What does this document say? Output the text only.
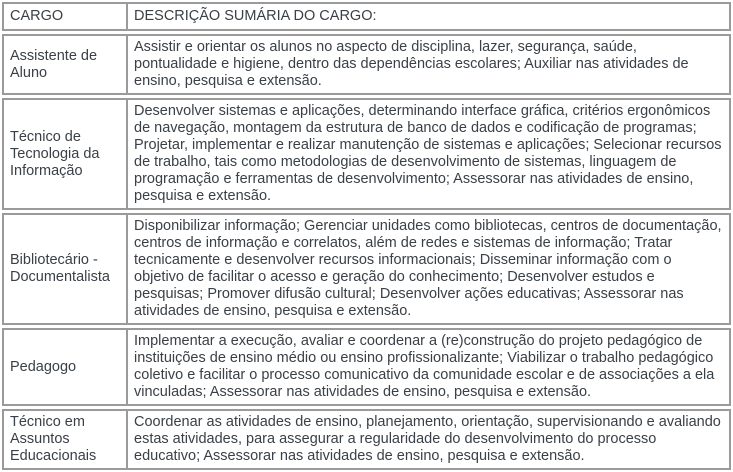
CARGO	DESCRIÇÃO SUMÁRIA DO CARGO:
Assistente de Aluno
Assistir e orientar os alunos no aspecto de disciplina, lazer, segurança, saúde, pontualidade e higiene, dentro das dependências escolares; Auxiliar nas atividades de ensino, pesquisa e extensão.
Técnico de Tecnologia da Informação
Desenvolver sistemas e aplicações, determinando interface gráfica, critérios ergonômicos de navegação, montagem da estrutura de banco de dados e codificação de programas; Projetar, implementar e realizar manutenção de sistemas e aplicações; Selecionar recursos de trabalho, tais como metodologias de desenvolvimento de sistemas, linguagem de programação e ferramentas de desenvolvimento; Assessorar nas atividades de ensino, pesquisa e extensão.
Bibliotecário - Documentalista
Disponibilizar informação; Gerenciar unidades como bibliotecas, centros de documentação, centros de informação e correlatos, além de redes e sistemas de informação; Tratar tecnicamente e desenvolver recursos informacionais; Disseminar informação com o objetivo de facilitar o acesso e geração do conhecimento; Desenvolver estudos e pesquisas; Promover difusão cultural; Desenvolver ações educativas; Assessorar nas atividades de ensino, pesquisa e extensão.
Pedagogo
Implementar a execução, avaliar e coordenar a (re)construção do projeto pedagógico de instituições de ensino médio ou ensino profissionalizante; Viabilizar o trabalho pedagógico coletivo e facilitar o processo comunicativo da comunidade escolar e de associações a ela vinculadas; Assessorar nas atividades de ensino, pesquisa e extensão.
Técnico em Assuntos Educacionais
Coordenar as atividades de ensino, planejamento, orientação, supervisionando e avaliando estas atividades, para assegurar a regularidade do desenvolvimento do processo educativo; Assessorar nas atividades de ensino, pesquisa e extensão.
